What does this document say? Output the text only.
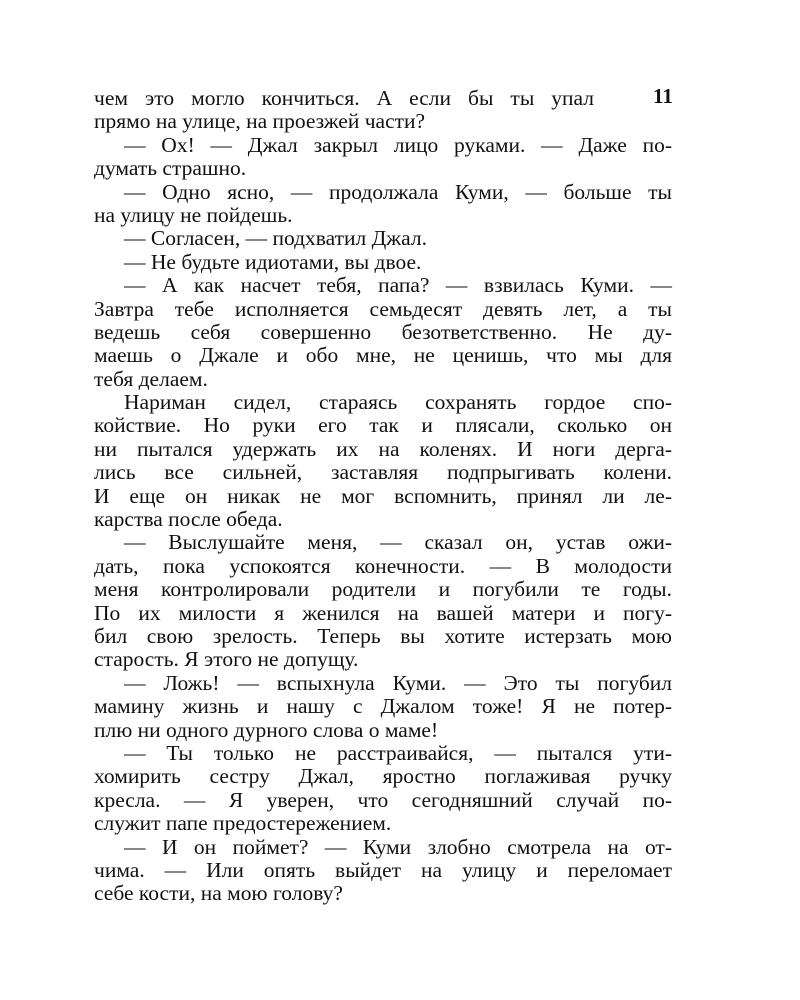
11
чем это могло кончиться. А если бы ты упал
прямо на улице, на проезжей части?
— Ох! — Джал закрыл лицо руками. — Даже по-
думать страшно.
— Одно ясно, — продолжала Куми, — больше ты
на улицу не пойдешь.
— Согласен, — подхватил Джал.
— Не будьте идиотами, вы двое.
— А как насчет тебя, папа? — взвилась Куми. —
Завтра тебе исполняется семьдесят девять лет, а ты
ведешь себя совершенно безответственно. Не ду-
маешь о Джале и обо мне, не ценишь, что мы для
тебя делаем.
Нариман сидел, стараясь сохранять гордое спо-
койствие. Но руки его так и плясали, сколько он
ни пытался удержать их на коленях. И ноги дерга-
лись все сильней, заставляя подпрыгивать колени.
И еще он никак не мог вспомнить, принял ли ле-
карства после обеда.
— Выслушайте меня, — сказал он, устав ожи-
дать, пока успокоятся конечности. — В молодости
меня контролировали родители и погубили те годы.
По их милости я женился на вашей матери и погу-
бил свою зрелость. Теперь вы хотите истерзать мою
старость. Я этого не допущу.
— Ложь! — вспыхнула Куми. — Это ты погубил
мамину жизнь и нашу с Джалом тоже! Я не потер-
плю ни одного дурного слова о маме!
— Ты только не расстраивайся, — пытался ути-
хомирить сестру Джал, яростно поглаживая ручку
кресла. — Я уверен, что сегодняшний случай по-
служит папе предостережением.
— И он поймет? — Куми злобно смотрела на от-
чима. — Или опять выйдет на улицу и переломает
себе кости, на мою голову?
